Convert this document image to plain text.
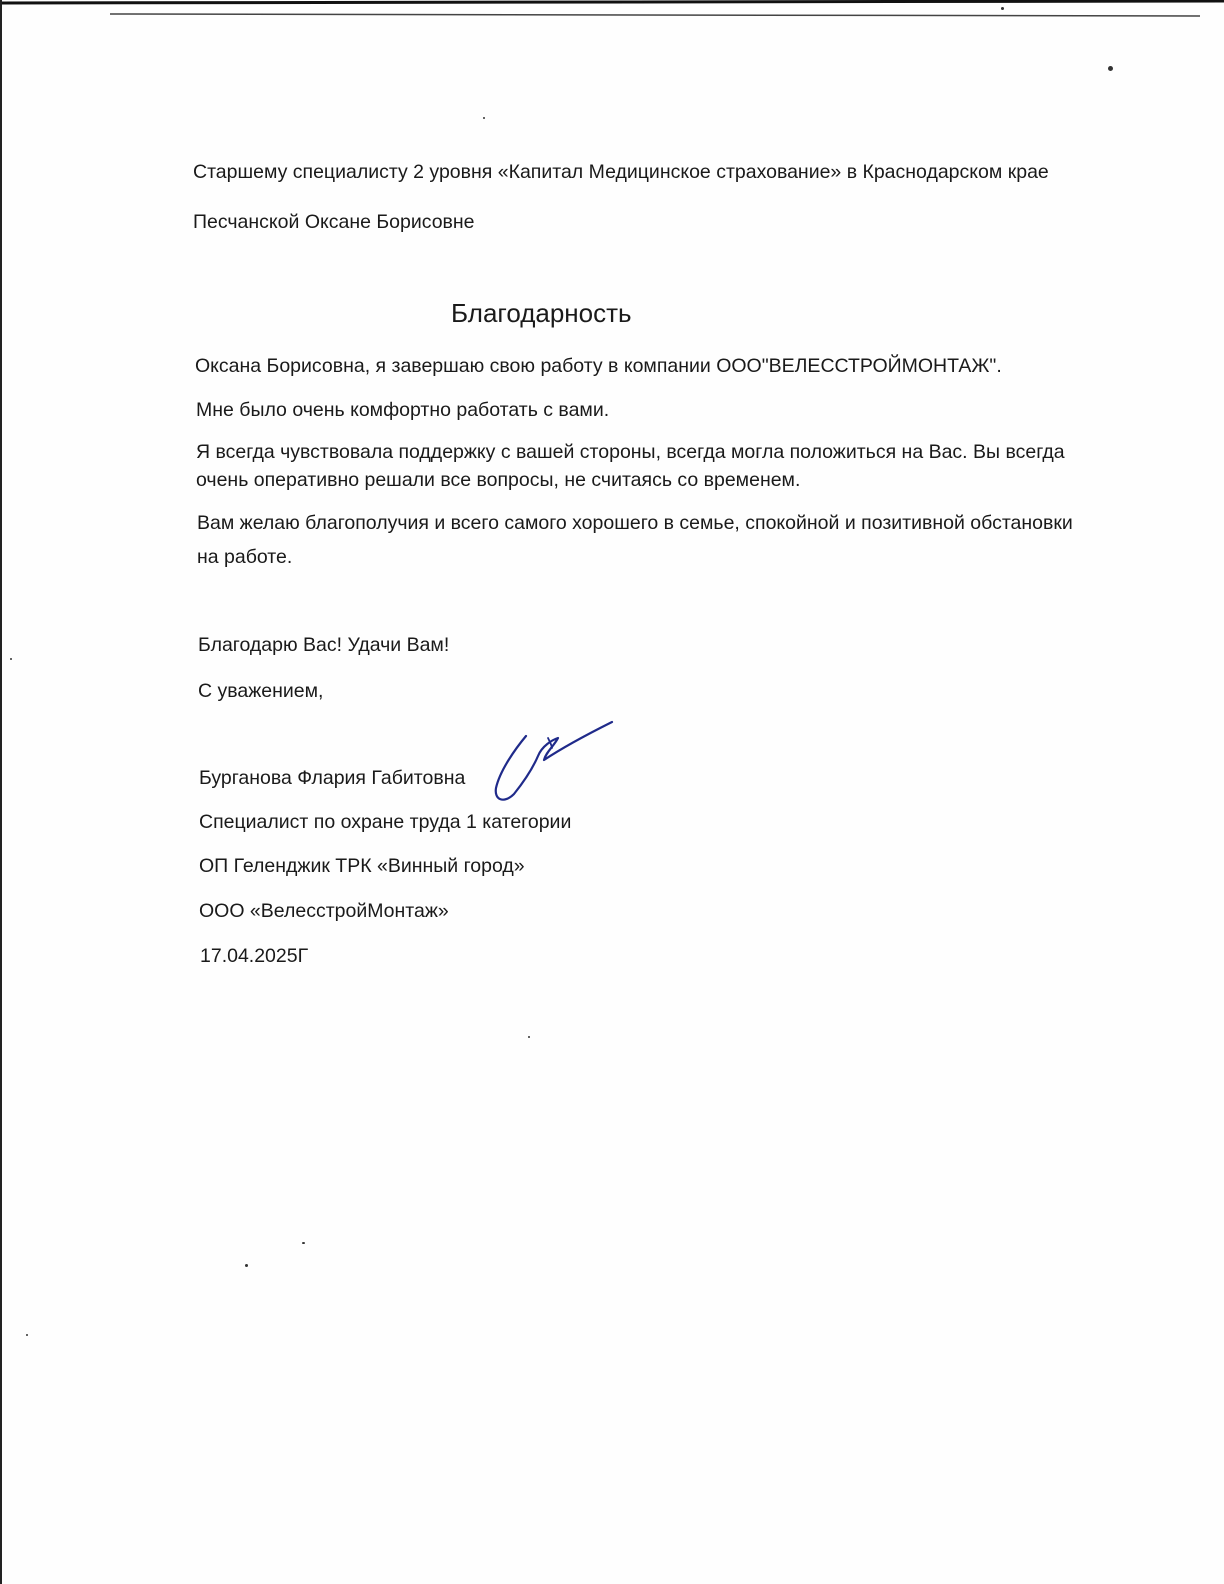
Старшему специалисту 2 уровня «Капитал Медицинское страхование» в Краснодарском крае

Песчанской Оксане Борисовне

Благодарность

Оксана Борисовна, я завершаю свою работу в компании ООО"ВЕЛЕССТРОЙМОНТАЖ".

Мне было очень комфортно работать с вами.

Я всегда чувствовала поддержку с вашей стороны, всегда могла положиться на Вас. Вы всегда

очень оперативно решали все вопросы, не считаясь со временем.

Вам желаю благополучия и всего самого хорошего в семье, спокойной и позитивной обстановки

на работе.

Благодарю Вас! Удачи Вам!

С уважением,

Бурганова Флария Габитовна

Специалист по охране труда 1 категории

ОП Геленджик ТРК «Винный город»

ООО «ВелесстройМонтаж»

17.04.2025Г
